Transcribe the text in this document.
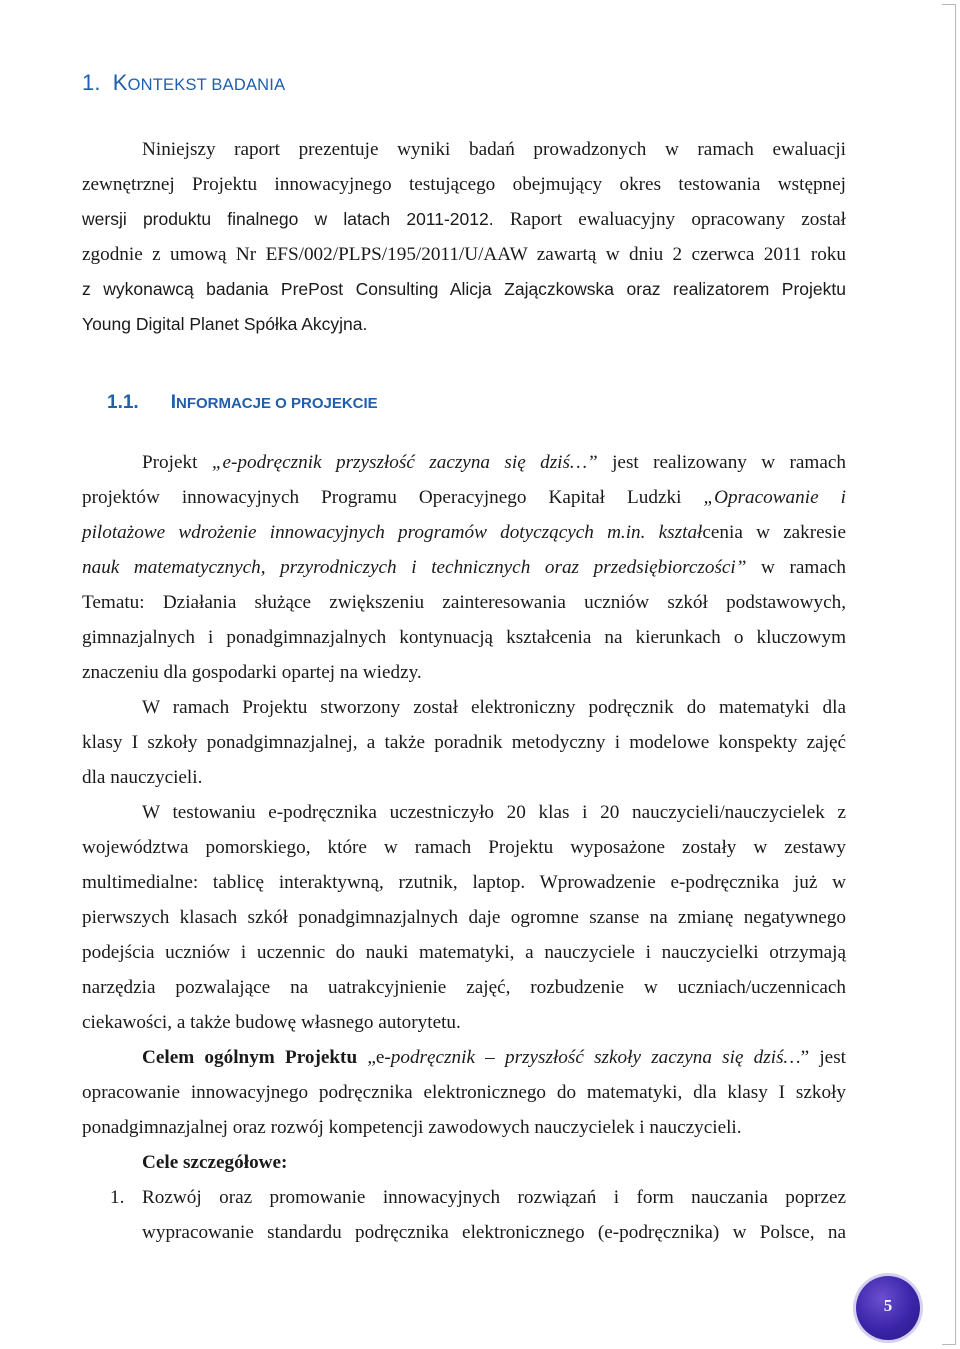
1. KONTEKST BADANIA
Niniejszy raport prezentuje wyniki badań prowadzonych w ramach ewaluacji
zewnętrznej Projektu innowacyjnego testującego obejmujący okres testowania wstępnej
wersji produktu finalnego w latach 2011-2012. Raport ewaluacyjny opracowany został
zgodnie z umową Nr EFS/002/PLPS/195/2011/U/AAW zawartą w dniu 2 czerwca 2011 roku
z wykonawcą badania PrePost Consulting Alicja Zajączkowska oraz realizatorem Projektu
Young Digital Planet Spółka Akcyjna.
1.1. INFORMACJE O PROJEKCIE
Projekt „e-podręcznik przyszłość zaczyna się dziś…” jest realizowany w ramach
projektów innowacyjnych Programu Operacyjnego Kapitał Ludzki „Opracowanie i
pilotażowe wdrożenie innowacyjnych programów dotyczących m.in. kształcenia w zakresie
nauk matematycznych, przyrodniczych i technicznych oraz przedsiębiorczości” w ramach
Tematu: Działania służące zwiększeniu zainteresowania uczniów szkół podstawowych,
gimnazjalnych i ponadgimnazjalnych kontynuacją kształcenia na kierunkach o kluczowym
znaczeniu dla gospodarki opartej na wiedzy.
W ramach Projektu stworzony został elektroniczny podręcznik do matematyki dla
klasy I szkoły ponadgimnazjalnej, a także poradnik metodyczny i modelowe konspekty zajęć
dla nauczycieli.
W testowaniu e-podręcznika uczestniczyło 20 klas i 20 nauczycieli/nauczycielek z
województwa pomorskiego, które w ramach Projektu wyposażone zostały w zestawy
multimedialne: tablicę interaktywną, rzutnik, laptop. Wprowadzenie e-podręcznika już w
pierwszych klasach szkół ponadgimnazjalnych daje ogromne szanse na zmianę negatywnego
podejścia uczniów i uczennic do nauki matematyki, a nauczyciele i nauczycielki otrzymają
narzędzia pozwalające na uatrakcyjnienie zajęć, rozbudzenie w uczniach/uczennicach
ciekawości, a także budowę własnego autorytetu.
Celem ogólnym Projektu „e-podręcznik – przyszłość szkoły zaczyna się dziś…” jest
opracowanie innowacyjnego podręcznika elektronicznego do matematyki, dla klasy I szkoły
ponadgimnazjalnej oraz rozwój kompetencji zawodowych nauczycielek i nauczycieli.
Cele szczegółowe:
1. Rozwój oraz promowanie innowacyjnych rozwiązań i form nauczania poprzez
wypracowanie standardu podręcznika elektronicznego (e-podręcznika) w Polsce, na
5
